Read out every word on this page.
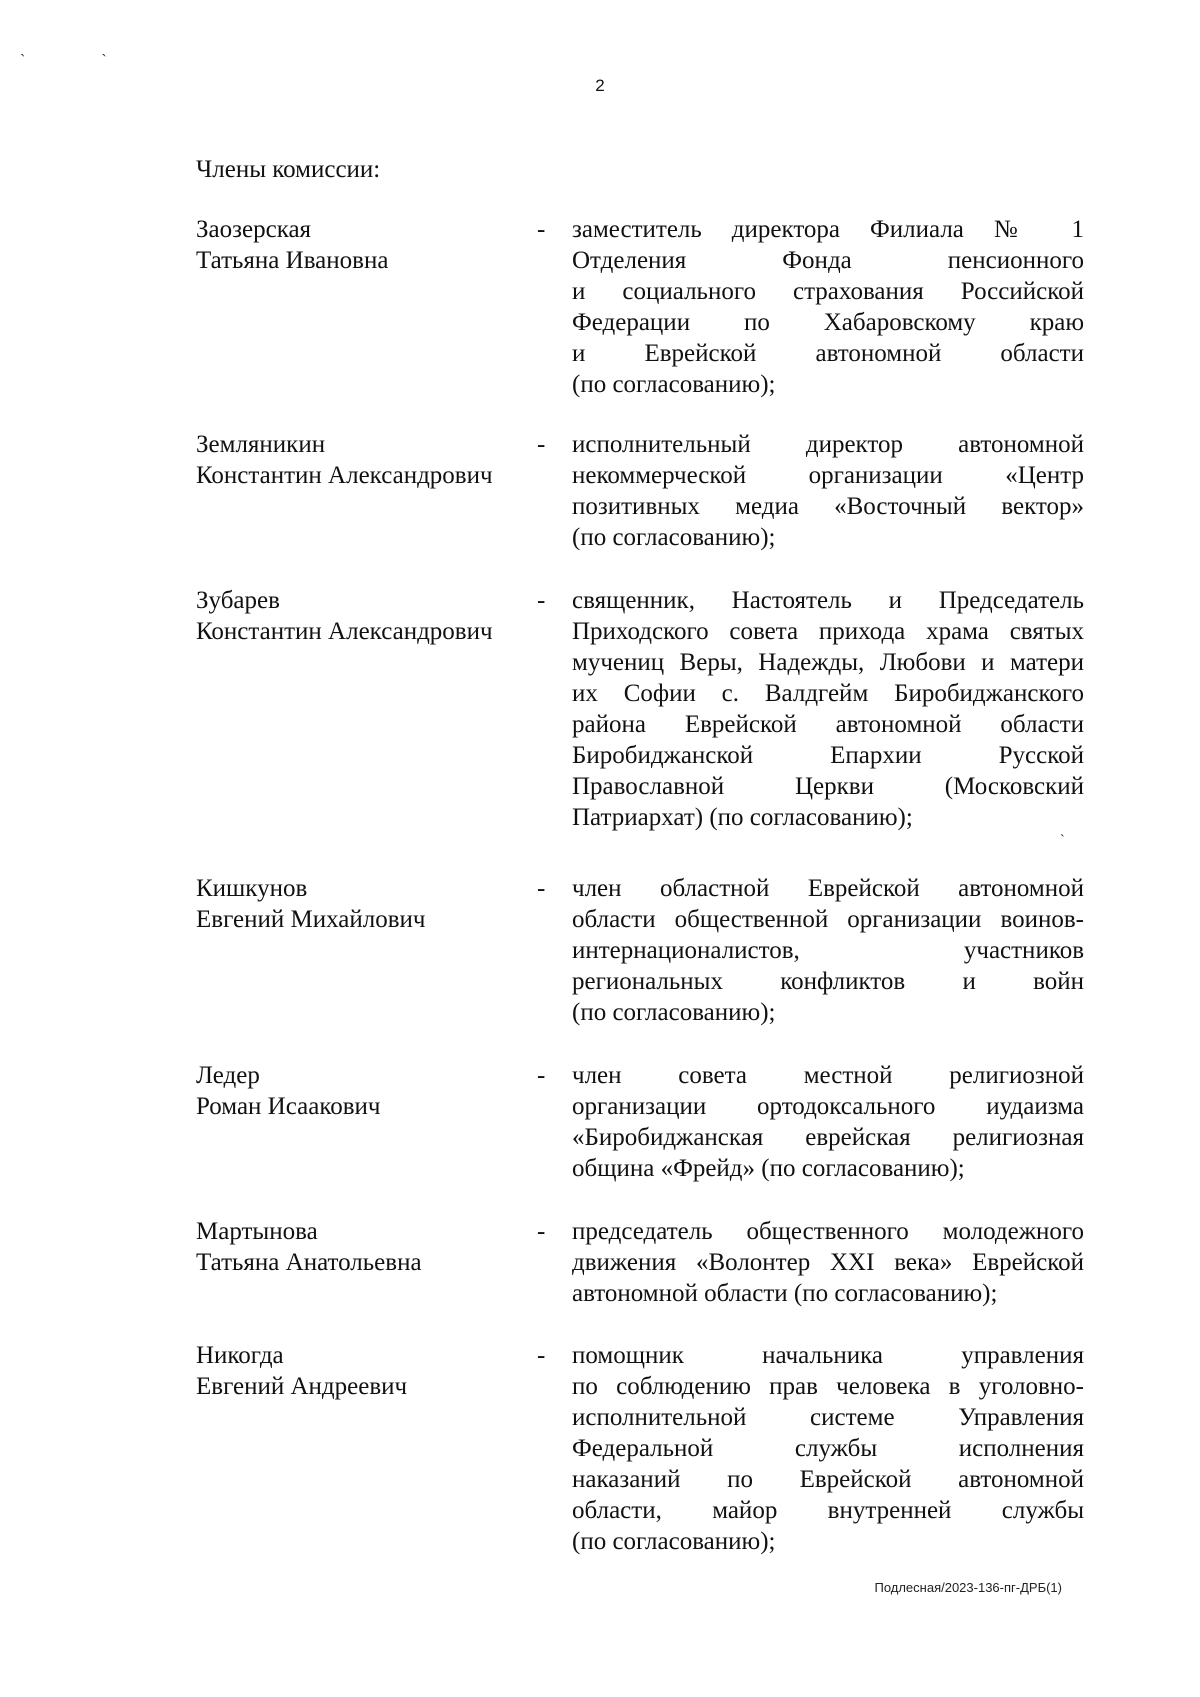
ˎ ˏ
2
Члены комиссии:
Заозерская
Татьяна Ивановна
-	заместитель директора Филиала № 1
Отделения Фонда пенсионного
и социального страхования Российской
Федерации по Хабаровскому краю
и Еврейской автономной области
(по согласованию);
Земляникин
Константин Александрович
-	исполнительный директор автономной
некоммерческой организации «Центр
позитивных медиа «Восточный вектор»
(по согласованию);
Зубарев
Константин Александрович
-	священник, Настоятель и Председатель
Приходского совета прихода храма святых
мучениц Веры, Надежды, Любови и матери
их Софии с. Валдгейм Биробиджанского
района Еврейской автономной области
Биробиджанской Епархии Русской
Православной Церкви (Московский
Патриархат) (по согласованию);
Кишкунов
Евгений Михайлович
-	член областной Еврейской автономной
области общественной организации воинов-
интернационалистов, участников
региональных конфликтов и войн
(по согласованию);
Ледер
Роман Исаакович
-	член совета местной религиозной
организации ортодоксального иудаизма
«Биробиджанская еврейская религиозная
община «Фрейд» (по согласованию);
Мартынова
Татьяна Анатольевна
-	председатель общественного молодежного
движения «Волонтер XXI века» Еврейской
автономной области (по согласованию);
Никогда
Евгений Андреевич
-	помощник начальника управления
по соблюдению прав человека в уголовно-
исполнительной системе Управления
Федеральной службы исполнения
наказаний по Еврейской автономной
области, майор внутренней службы
(по согласованию);
ˋ
Подлесная/2023-136-пг-ДРБ(1)
